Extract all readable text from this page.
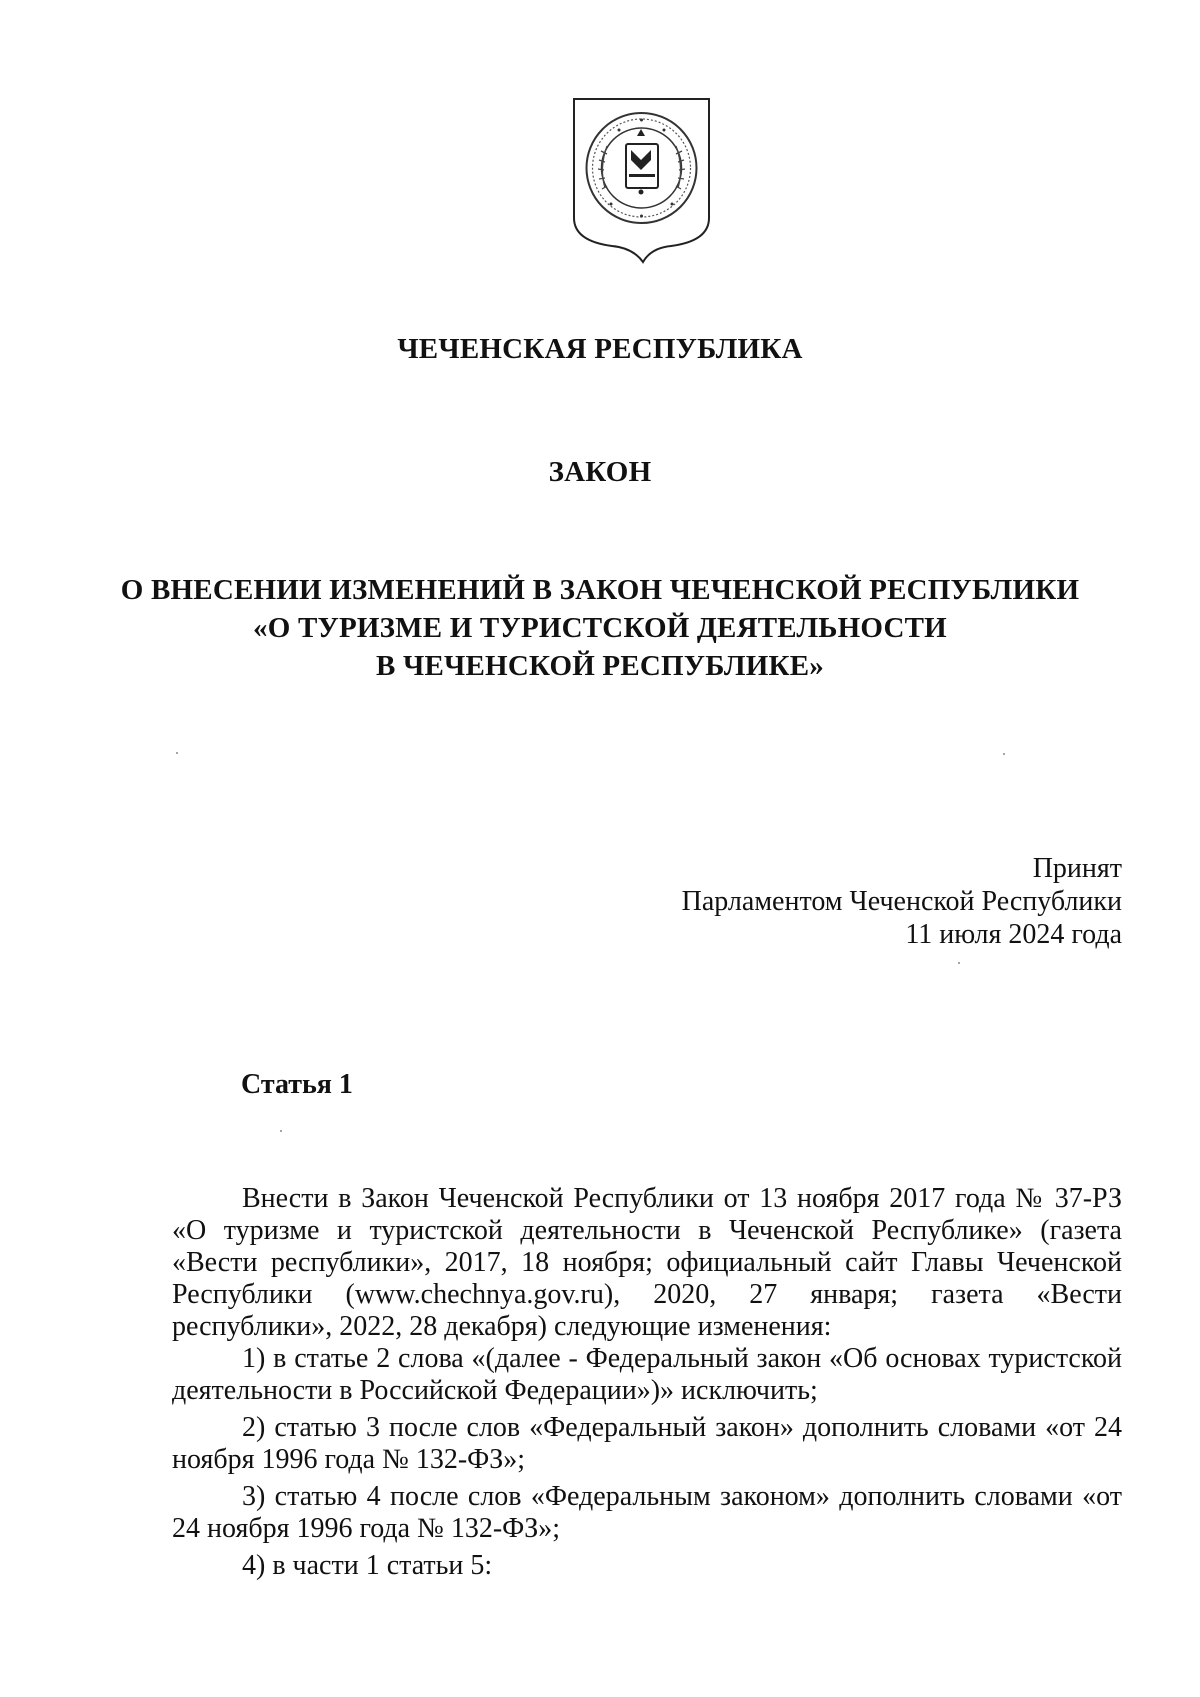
ЧЕЧЕНСКАЯ РЕСПУБЛИКА
ЗАКОН
О ВНЕСЕНИИ ИЗМЕНЕНИЙ В ЗАКОН ЧЕЧЕНСКОЙ РЕСПУБЛИКИ
«О ТУРИЗМЕ И ТУРИСТСКОЙ ДЕЯТЕЛЬНОСТИ
В ЧЕЧЕНСКОЙ РЕСПУБЛИКЕ»
Принят
Парламентом Чеченской Республики
11 июля 2024 года
Статья 1

Внести в Закон Чеченской Республики от 13 ноября 2017 года № 37-РЗ «О туризме и туристской деятельности в Чеченской Республике» (газета «Вести республики», 2017, 18 ноября; официальный сайт Главы Чеченской Республики (www.chechnya.gov.ru), 2020, 27 января; газета «Вести республики», 2022, 28 декабря) следующие изменения:

1) в статье 2 слова «(далее - Федеральный закон «Об основах туристской деятельности в Российской Федерации»)» исключить;

2) статью 3 после слов «Федеральный закон» дополнить словами «от 24 ноября 1996 года № 132-ФЗ»;

3) статью 4 после слов «Федеральным законом» дополнить словами «от 24 ноября 1996 года № 132-ФЗ»;

4) в части 1 статьи 5:
